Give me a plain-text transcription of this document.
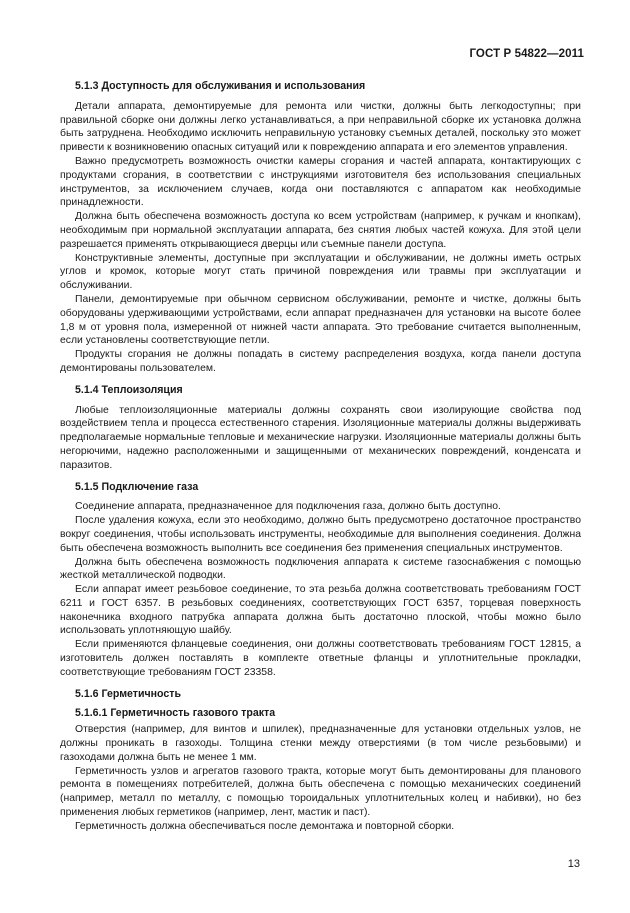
ГОСТ Р 54822—2011
5.1.3 Доступность для обслуживания и использования

Детали аппарата, демонтируемые для ремонта или чистки, должны быть легкодоступны; при правильной сборке они должны легко устанавливаться, а при неправильной сборке их установка должна быть затруднена. Необходимо исключить неправильную установку съемных деталей, поскольку это может привести к возникновению опасных ситуаций или к повреждению аппарата и его элементов управления.

Важно предусмотреть возможность очистки камеры сгорания и частей аппарата, контактирующих с продуктами сгорания, в соответствии с инструкциями изготовителя без использования специальных инструментов, за исключением случаев, когда они поставляются с аппаратом как необходимые принадлежности.

Должна быть обеспечена возможность доступа ко всем устройствам (например, к ручкам и кнопкам), необходимым при нормальной эксплуатации аппарата, без снятия любых частей кожуха. Для этой цели разрешается применять открывающиеся дверцы или съемные панели доступа.

Конструктивные элементы, доступные при эксплуатации и обслуживании, не должны иметь острых углов и кромок, которые могут стать причиной повреждения или травмы при эксплуатации и обслуживании.

Панели, демонтируемые при обычном сервисном обслуживании, ремонте и чистке, должны быть оборудованы удерживающими устройствами, если аппарат предназначен для установки на высоте более 1,8 м от уровня пола, измеренной от нижней части аппарата. Это требование считается выполненным, если установлены соответствующие петли.

Продукты сгорания не должны попадать в систему распределения воздуха, когда панели доступа демонтированы пользователем.

5.1.4 Теплоизоляция

Любые теплоизоляционные материалы должны сохранять свои изолирующие свойства под воздействием тепла и процесса естественного старения. Изоляционные материалы должны выдерживать предполагаемые нормальные тепловые и механические нагрузки. Изоляционные материалы должны быть негорючими, надежно расположенными и защищенными от механических повреждений, конденсата и паразитов.

5.1.5 Подключение газа

Соединение аппарата, предназначенное для подключения газа, должно быть доступно.

После удаления кожуха, если это необходимо, должно быть предусмотрено достаточное пространство вокруг соединения, чтобы использовать инструменты, необходимые для выполнения соединения. Должна быть обеспечена возможность выполнить все соединения без применения специальных инструментов.

Должна быть обеспечена возможность подключения аппарата к системе газоснабжения с помощью жесткой металлической подводки.

Если аппарат имеет резьбовое соединение, то эта резьба должна соответствовать требованиям ГОСТ 6211 и ГОСТ 6357. В резьбовых соединениях, соответствующих ГОСТ 6357, торцевая поверхность наконечника входного патрубка аппарата должна быть достаточно плоской, чтобы можно было использовать уплотняющую шайбу.

Если применяются фланцевые соединения, они должны соответствовать требованиям ГОСТ 12815, а изготовитель должен поставлять в комплекте ответные фланцы и уплотнительные прокладки, соответствующие требованиям ГОСТ 23358.

5.1.6 Герметичность
5.1.6.1 Герметичность газового тракта

Отверстия (например, для винтов и шпилек), предназначенные для установки отдельных узлов, не должны проникать в газоходы. Толщина стенки между отверстиями (в том числе резьбовыми) и газоходами должна быть не менее 1 мм.

Герметичность узлов и агрегатов газового тракта, которые могут быть демонтированы для планового ремонта в помещениях потребителей, должна быть обеспечена с помощью механических соединений (например, металл по металлу, с помощью тороидальных уплотнительных колец и набивки), но без применения любых герметиков (например, лент, мастик и паст).

Герметичность должна обеспечиваться после демонтажа и повторной сборки.

13
